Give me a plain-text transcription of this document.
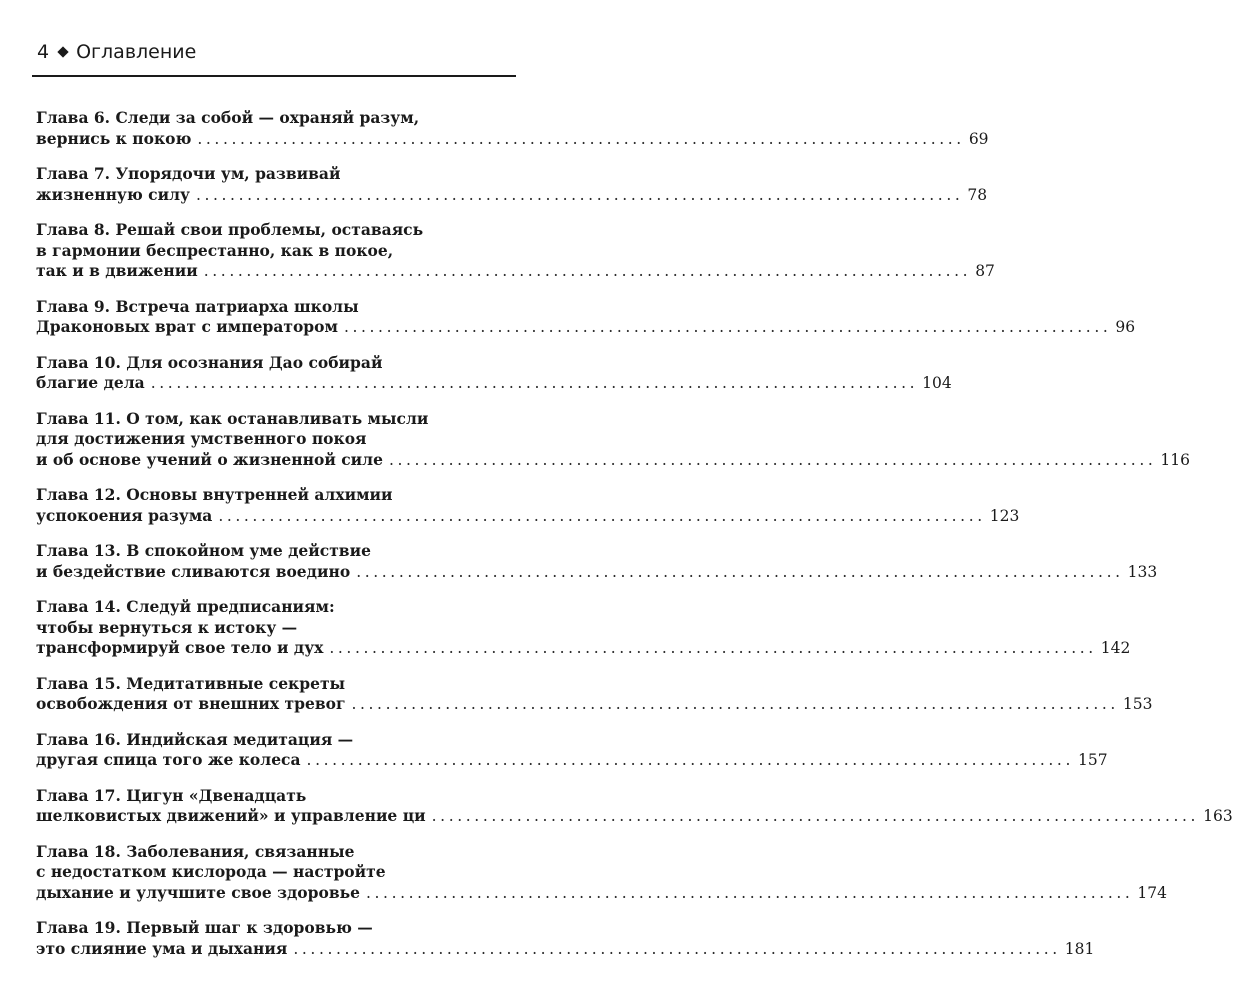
4 Оглавление
Глава 6. Следи за собой — охраняй разум,
вернись к покою .......................................................................................... 69
Глава 7. Упорядочи ум, развивай
жизненную силу .......................................................................................... 78
Глава 8. Решай свои проблемы, оставаясь
в гармонии беспрестанно, как в покое,
так и в движении .......................................................................................... 87
Глава 9. Встреча патриарха школы
Драконовых врат с императором .......................................................................................... 96
Глава 10. Для осознания Дао собирай
благие дела .......................................................................................... 104
Глава 11. О том, как останавливать мысли
для достижения умственного покоя
и об основе учений о жизненной силе .......................................................................................... 116
Глава 12. Основы внутренней алхимии
успокоения разума .......................................................................................... 123
Глава 13. В спокойном уме действие
и бездействие сливаются воедино .......................................................................................... 133
Глава 14. Следуй предписаниям:
чтобы вернуться к истоку —
трансформируй свое тело и дух .......................................................................................... 142
Глава 15. Медитативные секреты
освобождения от внешних тревог .......................................................................................... 153
Глава 16. Индийская медитация —
другая спица того же колеса .......................................................................................... 157
Глава 17. Цигун «Двенадцать
шелковистых движений» и управление ци .......................................................................................... 163
Глава 18. Заболевания, связанные
с недостатком кислорода — настройте
дыхание и улучшите свое здоровье .......................................................................................... 174
Глава 19. Первый шаг к здоровью —
это слияние ума и дыхания .......................................................................................... 181
